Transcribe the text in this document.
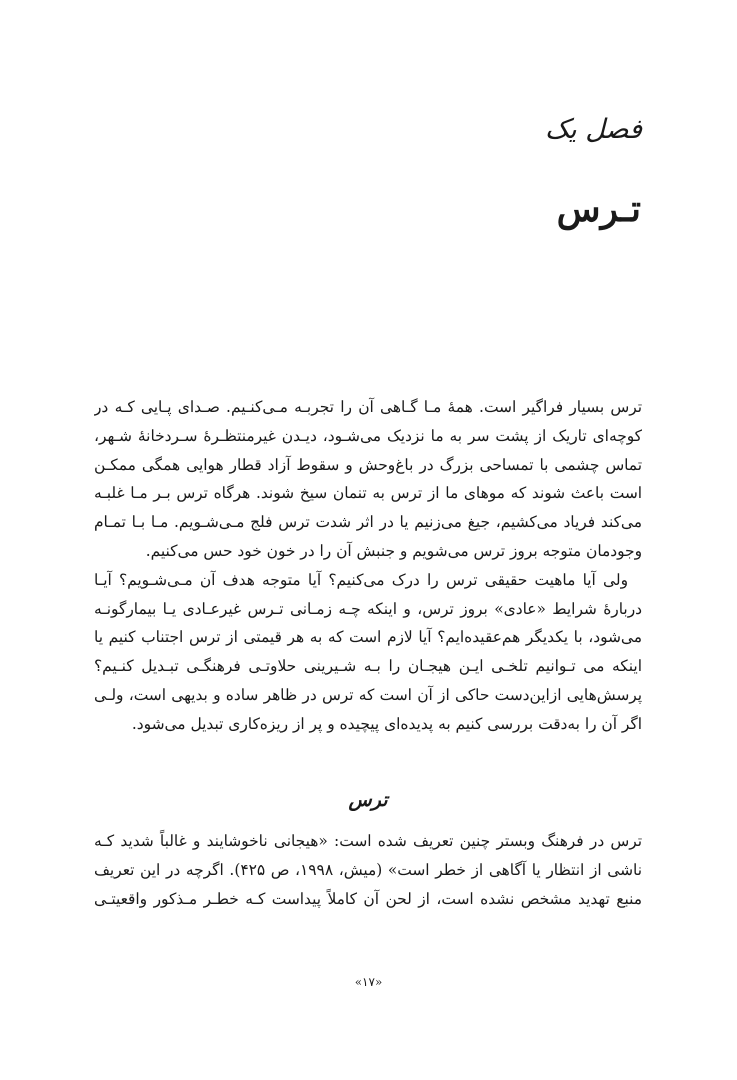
فصل یک
تـرس
ترس بسیار فراگیر است. همهٔ مـا گـاهی آن را تجربـه مـی‌کنـیم. صـدای پـایی کـه در
کوچه‌ای تاریک از پشت سر به ما نزدیک می‌شـود، دیـدن غیرمنتظـرهٔ سـردخانهٔ شـهر،
تماس چشمی با تمساحی بزرگ در باغ‌وحش و سقوط آزاد قطار هوایی همگی ممکـن
است باعث شوند که موهای ما از ترس به تنمان سیخ شوند. هرگاه ترس بـر مـا غلبـه
می‌کند فریاد می‌کشیم، جیغ می‌زنیم یا در اثر شدت ترس فلج مـی‌شـویم. مـا بـا تمـام
وجودمان متوجه بروز ترس می‌شویم و جنبش آن را در خون خود حس می‌کنیم.
ولی آیا ماهیت حقیقی ترس را درک می‌کنیم؟ آیا متوجه هدف آن مـی‌شـویم؟ آیـا
دربارهٔ شرایط «عادی» بروز ترس، و اینکه چـه زمـانی تـرس غیرعـادی یـا بیمارگونـه
می‌شود، با یکدیگر هم‌عقیده‌ایم؟ آیا لازم است که به هر قیمتی از ترس اجتناب کنیم یا
اینکه می‌ تـوانیم تلخـی ایـن هیجـان را بـه شـیرینی حلاوتـی فرهنگـی تبـدیل کنـیم؟
پرسش‌هایی ازاین‌دست حاکی از آن است که ترس در ظاهر ساده و بدیهی است، ولـی
اگر آن را به‌دقت بررسی کنیم به پدیده‌ای پیچیده و پر از ریزه‌کاری تبدیل می‌شود.
ترس
ترس در فرهنگ وبستر چنین تعریف شده است: «هیجانی ناخوشایند و غالباً شدید کـه
ناشی از انتظار یا آگاهی از خطر است» (میش، ۱۹۹۸، ص ۴۲۵). اگرچه در این تعریف
منبع تهدید مشخص نشده است، از لحن آن کاملاً پیداست کـه خطـر مـذکور واقعیتـی
«۱۷»
